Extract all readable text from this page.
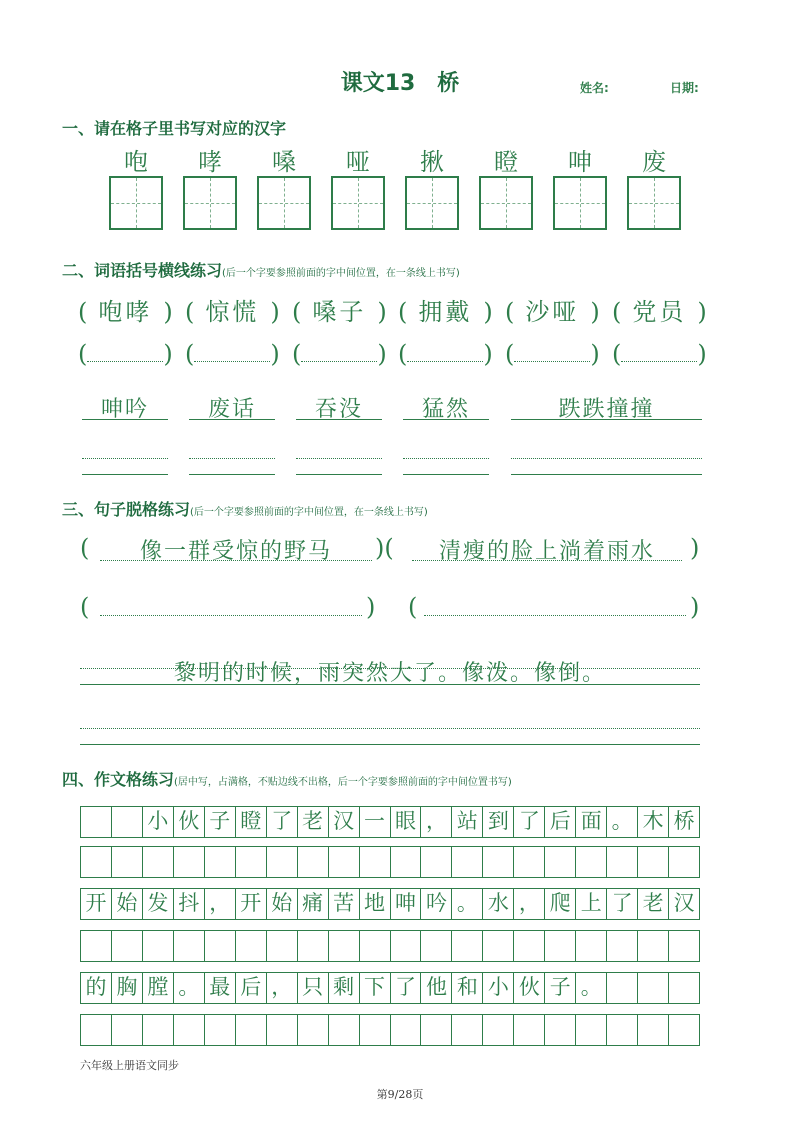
课文13　桥	姓名:	日期:
一、请在格子里书写对应的汉字
咆	哮	嗓	哑	揪	瞪	呻	废
二、词语括号横线练习(后一个字要参照前面的字中间位置，在一条线上书写)
( 咆哮 ) ( 惊慌 ) ( 嗓子 ) ( 拥戴 ) ( 沙哑 ) ( 党员 )
(	) (	) (	) (	) (	) (	)
呻吟	废话	吞没	猛然	跌跌撞撞
三、句子脱格练习(后一个字要参照前面的字中间位置，在一条线上书写)
(	像一群受惊的野马	)(	清瘦的脸上淌着雨水	)
(	) (	)
黎明的时候，雨突然大了。像泼。像倒。
四、作文格练习(居中写，占满格，不贴边线不出格，后一个字要参照前面的字中间位置书写)
小 伙 子 瞪 了 老 汉 一 眼 ， 站 到 了 后 面 。 木 桥
开 始 发 抖 ， 开 始 痛 苦 地 呻 吟 。 水 ， 爬 上 了 老 汉
的 胸 膛 。 最 后 ， 只 剩 下 了 他 和 小 伙 子 。
六年级上册语文同步
第9/28页
